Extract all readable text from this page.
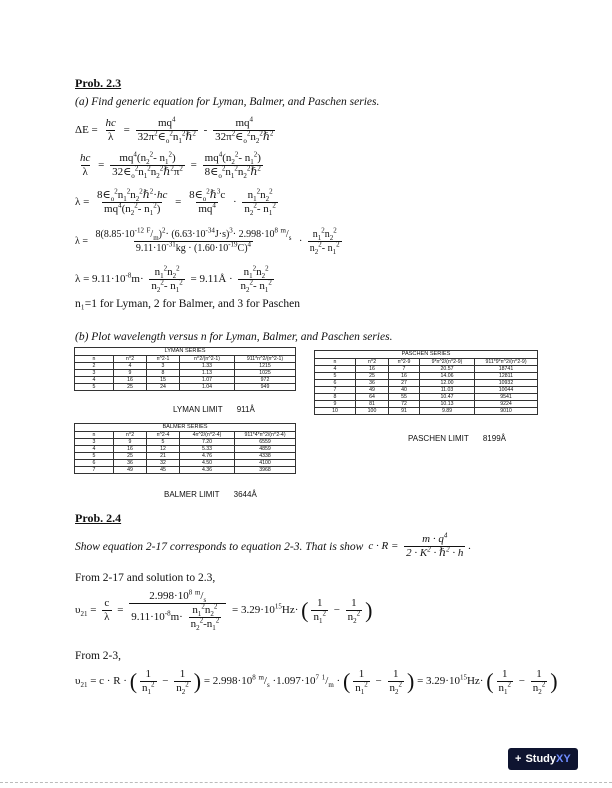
Prob. 2.3
(a) Find generic equation for Lyman, Balmer, and Paschen series.
$\Delta E = \frac{hc}{\lambda} = \frac{mq^4}{32\pi^2\in_o^2n_1^2\hbar^2} - \frac{mq^4}{32\pi^2\in_o^2n_2^2\hbar^2}$
$\frac{hc}{\lambda} = \frac{mq^4(n_2^2- n_1^2)}{32\in_o^2n_1^2n_2^2\hbar^2\pi^2} = \frac{mq^4(n_2^2- n_1^2)}{8\in_o^2n_1^2n_2^2\hbar^2}$
$\lambda = \frac{8\in_o^2n_1^2n_2^2\hbar^2\cdot hc}{mq^4(n_2^2- n_1^2)} = \frac{8\in_o^2\hbar^3c}{mq^4} \cdot \frac{n_1^2n_2^2}{n_2^2- n_1^2}$
$\lambda = \frac{8(8.85\cdot 10^{-12} ^F/_m)^2\cdot (6.63\cdot 10^{-34}J\cdot s)^3\cdot 2.998\cdot 10^8 ^m/_s}{9.11\cdot 10^{-31}kg \cdot (1.60\cdot 10^{-19}C)^4} \cdot \frac{n_1^2n_2^2}{n_2^2- n_1^2}$
$\lambda = 9.11\cdot 10^{-8}m\cdot \frac{n_1^2n_2^2}{n_2^2- n_1^2}$ = 9.11Å · $\frac{n_1^2n_2^2}{n_2^2- n_1^2}$
n₁=1 for Lyman, 2 for Balmer, and 3 for Paschen
(b) Plot wavelength versus n for Lyman, Balmer, and Paschen series.
LYMAN SERIES
n	n^2	n^2-1	n^2/(n^2-1)	911*n^2/(n^2-1)
2	4	3	1.33	1215
3	9	8	1.13	1025
4	16	15	1.07	972
5	25	24	1.04	949
LYMAN LIMIT 911Å
BALMER SERIES
n	n^2	n^2-4	4n^2/(n^2-4)	911*4*n^2/(n^2-4)
3	9	5	7.20	6559
4	16	12	5.33	4859
5	25	21	4.76	4338
6	36	32	4.50	4100
7	49	45	4.36	3968
BALMER LIMIT 3644Å
PASCHEN SERIES
n	n^2	n^2-9	9*n^2/(n^2-9)	911*9*n^2/(n^2-9)
4	16	7	20.57	18741
5	25	16	14.06	12811
6	36	27	12.00	10932
7	49	40	11.03	10044
8	64	55	10.47	9541
9	81	72	10.13	9224
10	100	91	9.89	9010
PASCHEN LIMIT 8199Å
Prob. 2.4
Show equation 2-17 corresponds to equation 2-3. That is show $c \cdot R = \frac{m \cdot q^4}{2 \cdot K^2 \cdot \hbar^2 \cdot h}$ .
From 2-17 and solution to 2.3,
$\upsilon_{21} = \frac{c}{\lambda} = \frac{2.998\cdot 10^8 ^m/_s}{9.11\cdot 10^{-8}m\cdot \frac{n_1^2n_2^2}{n_2^2-n_1^2}} = 3.29\cdot 10^{15}Hz\cdot$ ( $\frac{1}{n_1^2} - \frac{1}{n_2^2}$ )
From 2-3,
$\upsilon_{21} = c \cdot R$ · ( $\frac{1}{n_1^2} - \frac{1}{n_2^2}$ ) = $2.998\cdot 10^8$ $^m/_s \cdot 1.097\cdot 10^7$ $^1/_m$ · ( $\frac{1}{n_1^2} - \frac{1}{n_2^2}$ ) = $3.29\cdot 10^{15}Hz\cdot$ ( $\frac{1}{n_1^2} - \frac{1}{n_2^2}$ )
+ StudyXY
